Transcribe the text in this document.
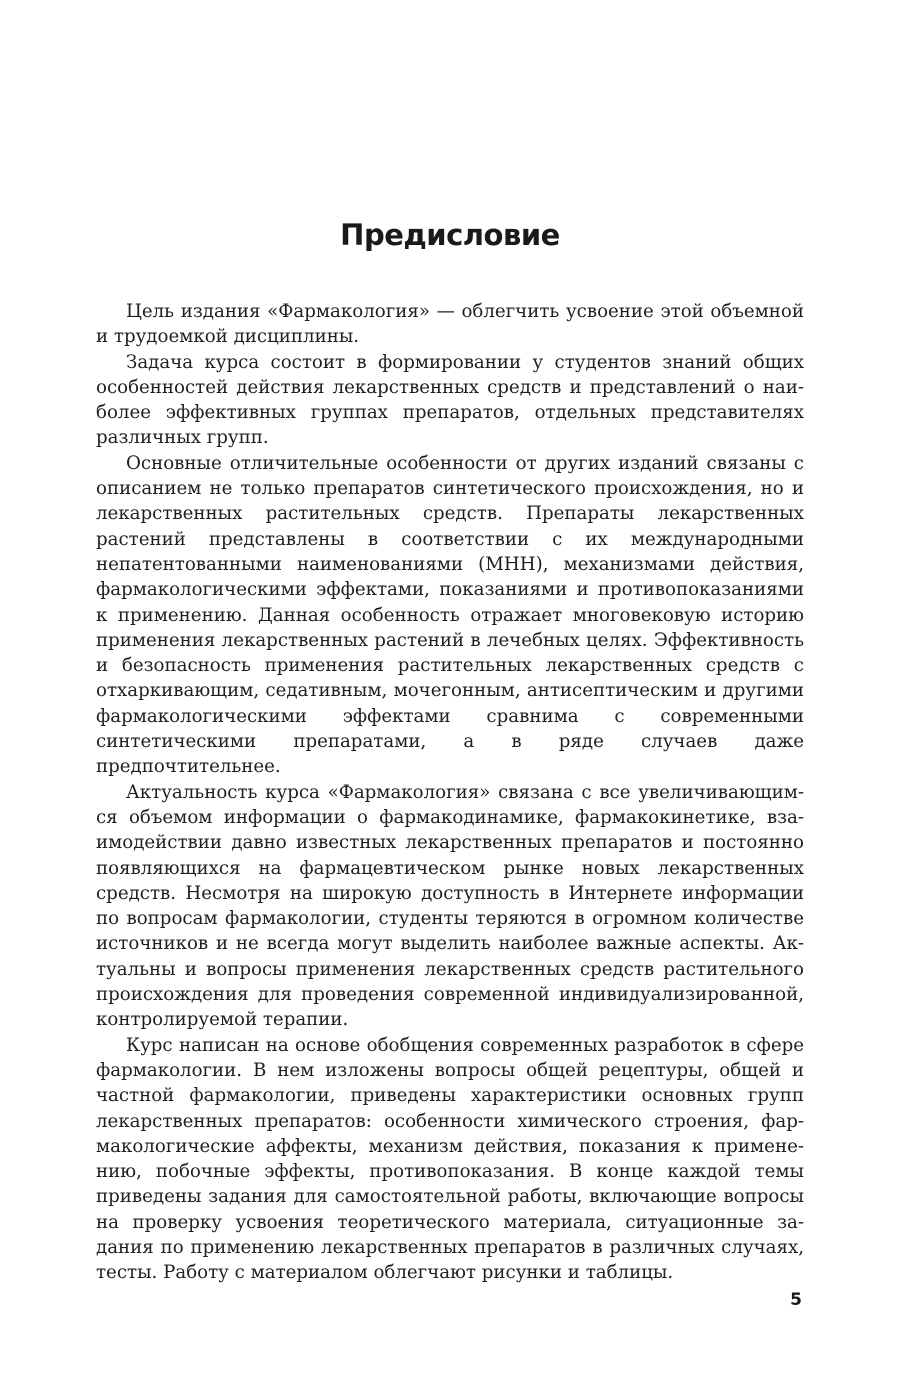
Предисловие

Цель издания «Фармакология» — облегчить усвоение этой объемной и трудоемкой дисциплины.

Задача курса состоит в формировании у студентов знаний общих особенностей действия лекарственных средств и представлений о наиболее эффективных группах препаратов, отдельных представителях различных групп.

Основные отличительные особенности от других изданий связаны с описанием не только препаратов синтетического происхождения, но и лекарственных растительных средств. Препараты лекарственных растений представлены в соответствии с их международными непатентованными наименованиями (МНН), механизмами действия, фармакологическими эффектами, показаниями и противопоказаниями к применению. Данная особенность отражает многовековую историю применения лекарственных растений в лечебных целях. Эффективность и безопасность применения растительных лекарственных средств с отхаркивающим, седативным, мочегонным, антисептическим и другими фармакологическими эффектами сравнима с современными синтетическими препаратами, а в ряде случаев даже предпочтительнее.

Актуальность курса «Фармакология» связана с все увеличивающимся объемом информации о фармакодинамике, фармакокинетике, взаимодействии давно известных лекарственных препаратов и постоянно появляющихся на фармацевтическом рынке новых лекарственных средств. Несмотря на широкую доступность в Интернете информации по вопросам фармакологии, студенты теряются в огромном количестве источников и не всегда могут выделить наиболее важные аспекты. Актуальны и вопросы применения лекарственных средств растительного происхождения для проведения современной индивидуализированной, контролируемой терапии.

Курс написан на основе обобщения современных разработок в сфере фармакологии. В нем изложены вопросы общей рецептуры, общей и частной фармакологии, приведены характеристики основных групп лекарственных препаратов: особенности химического строения, фармакологические аффекты, механизм действия, показания к применению, побочные эффекты, противопоказания. В конце каждой темы приведены задания для самостоятельной работы, включающие вопросы на проверку усвоения теоретического материала, ситуационные задания по применению лекарственных препаратов в различных случаях, тесты. Работу с материалом облегчают рисунки и таблицы.

5
